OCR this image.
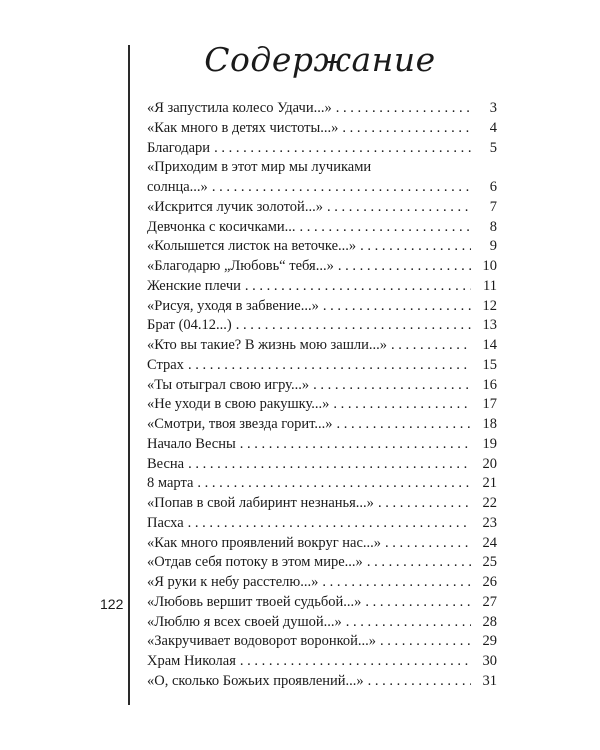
Содержание
122
«Я запустила колесо Удачи...» . . .	3
«Как много в детях чистоты...» . . .	4
Благодари . . .	5
«Приходим в этот мир мы лучиками
солнца...» . . .	6
«Искрится лучик золотой...» . . .	7
Девчонка с косичками... . . .	8
«Колышется листок на веточке...» . . .	9
«Благодарю „Любовь“ тебя...» . . .	10
Женские плечи . . .	11
«Рисуя, уходя в забвение...» . . .	12
Брат (04.12...) . . .	13
«Кто вы такие? В жизнь мою зашли...» . . .	14
Страх . . .	15
«Ты отыграл свою игру...» . . .	16
«Не уходи в свою ракушку...» . . .	17
«Смотри, твоя звезда горит...» . . .	18
Начало Весны . . .	19
Весна . . .	20
8 марта . . .	21
«Попав в свой лабиринт незнанья...» . . .	22
Пасха . . .	23
«Как много проявлений вокруг нас...» . . .	24
«Отдав себя потоку в этом мире...» . . .	25
«Я руки к небу расстелю...» . . .	26
«Любовь вершит твоей судьбой...» . . .	27
«Люблю я всех своей душой...» . . .	28
«Закручивает водоворот воронкой...» . . .	29
Храм Николая . . .	30
«О, сколько Божьих проявлений...» . . .	31
